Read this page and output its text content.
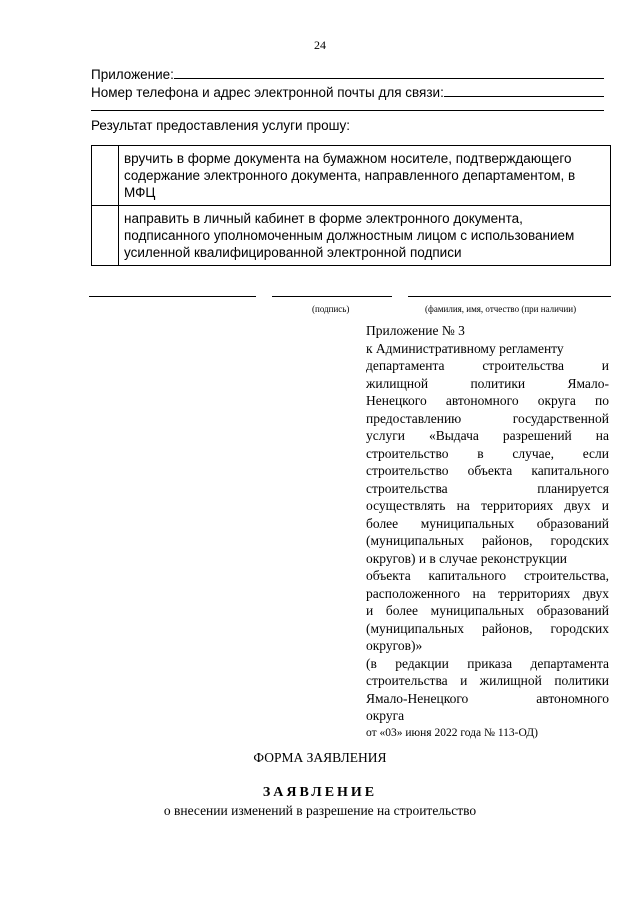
24
Приложение:
Номер телефона и адрес электронной почты для связи:
Результат предоставления услуги прошу:

	вручить в форме документа на бумажном носителе, подтверждающего
содержание электронного документа, направленного департаментом, в
МФЦ

	направить в личный кабинет в форме электронного документа,
подписанного уполномоченным должностным лицом с использованием
усиленной квалифицированной электронной подписи
(подпись)	(фамилия, имя, отчество (при наличии)
Приложение № 3
к Административному регламенту
департамента строительства и
жилищной политики Ямало-
Ненецкого автономного округа по
предоставлению государственной
услуги «Выдача разрешений на
строительство в случае, если
строительство объекта капитального
строительства планируется
осуществлять на территориях двух и
более муниципальных образований
(муниципальных районов, городских
округов) и в случае реконструкции
объекта капитального строительства,
расположенного на территориях двух
и более муниципальных образований
(муниципальных районов, городских
округов)»
(в редакции приказа департамента
строительства и жилищной политики
Ямало-Ненецкого автономного
округа
от «03» июня 2022 года № 113-ОД)
ФОРМА ЗАЯВЛЕНИЯ
ЗАЯВЛЕНИЕ
о внесении изменений в разрешение на строительство
